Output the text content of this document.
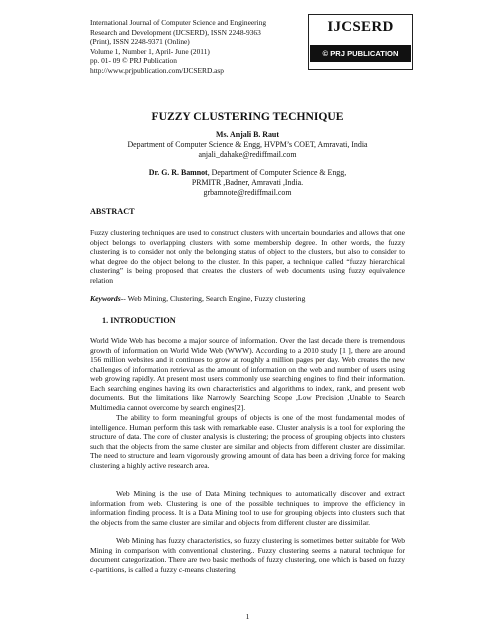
International Journal of Computer Science and Engineering
Research and Development (IJCSERD), ISSN 2248-9363
(Print), ISSN 2248-9371 (Online)
Volume 1, Number 1, April- June (2011)
pp. 01- 09 © PRJ Publication
http://www.prjpublication.com/IJCSERD.asp
IJCSERD
© PRJ PUBLICATION
FUZZY CLUSTERING TECHNIQUE
Ms. Anjali B. Raut
Department of Computer Science & Engg, HVPM’s COET, Amravati, India
anjali_dahake@rediffmail.com
Dr. G. R. Bamnot, Department of Computer Science & Engg,
PRMITR ,Badner, Amravati ,India.
grbamnote@rediffmail.com
ABSTRACT
Fuzzy clustering techniques are used to construct clusters with uncertain boundaries and allows that one object belongs to overlapping clusters with some membership degree. In other words, the fuzzy clustering is to consider not only the belonging status of object to the clusters, but also to consider to what degree do the object belong to the cluster. In this paper, a technique called “fuzzy hierarchical clustering” is being proposed that creates the clusters of web documents using fuzzy equivalence relation
Keywords-- Web Mining, Clustering, Search Engine, Fuzzy clustering
1. INTRODUCTION
World Wide Web has become a major source of information. Over the last decade there is tremendous growth of information on World Wide Web (WWW). According to a 2010 study [1 ], there are around 156 million websites and it continues to grow at roughly a million pages per day. Web creates the new challenges of information retrieval as the amount of information on the web and number of users using web growing rapidly. At present most users commonly use searching engines to find their information. Each searching engines having its own characteristics and algorithms to index, rank, and present web documents. But the limitations like Narrowly Searching Scope ,Low Precision ,Unable to Search Multimedia cannot overcome by search engines[2].
The ability to form meaningful groups of objects is one of the most fundamental modes of intelligence. Human perform this task with remarkable ease. Cluster analysis is a tool for exploring the structure of data. The core of cluster analysis is clustering; the process of grouping objects into clusters such that the objects from the same cluster are similar and objects from different cluster are dissimilar. The need to structure and learn vigorously growing amount of data has been a driving force for making clustering a highly active research area.
Web Mining is the use of Data Mining techniques to automatically discover and extract information from web. Clustering is one of the possible techniques to improve the efficiency in information finding process. It is a Data Mining tool to use for grouping objects into clusters such that the objects from the same cluster are similar and objects from different cluster are dissimilar.
Web Mining has fuzzy characteristics, so fuzzy clustering is sometimes better suitable for Web Mining in comparison with conventional clustering.. Fuzzy clustering seems a natural technique for document categorization. There are two basic methods of fuzzy clustering, one which is based on fuzzy c-partitions, is called a fuzzy c-means clustering
1
